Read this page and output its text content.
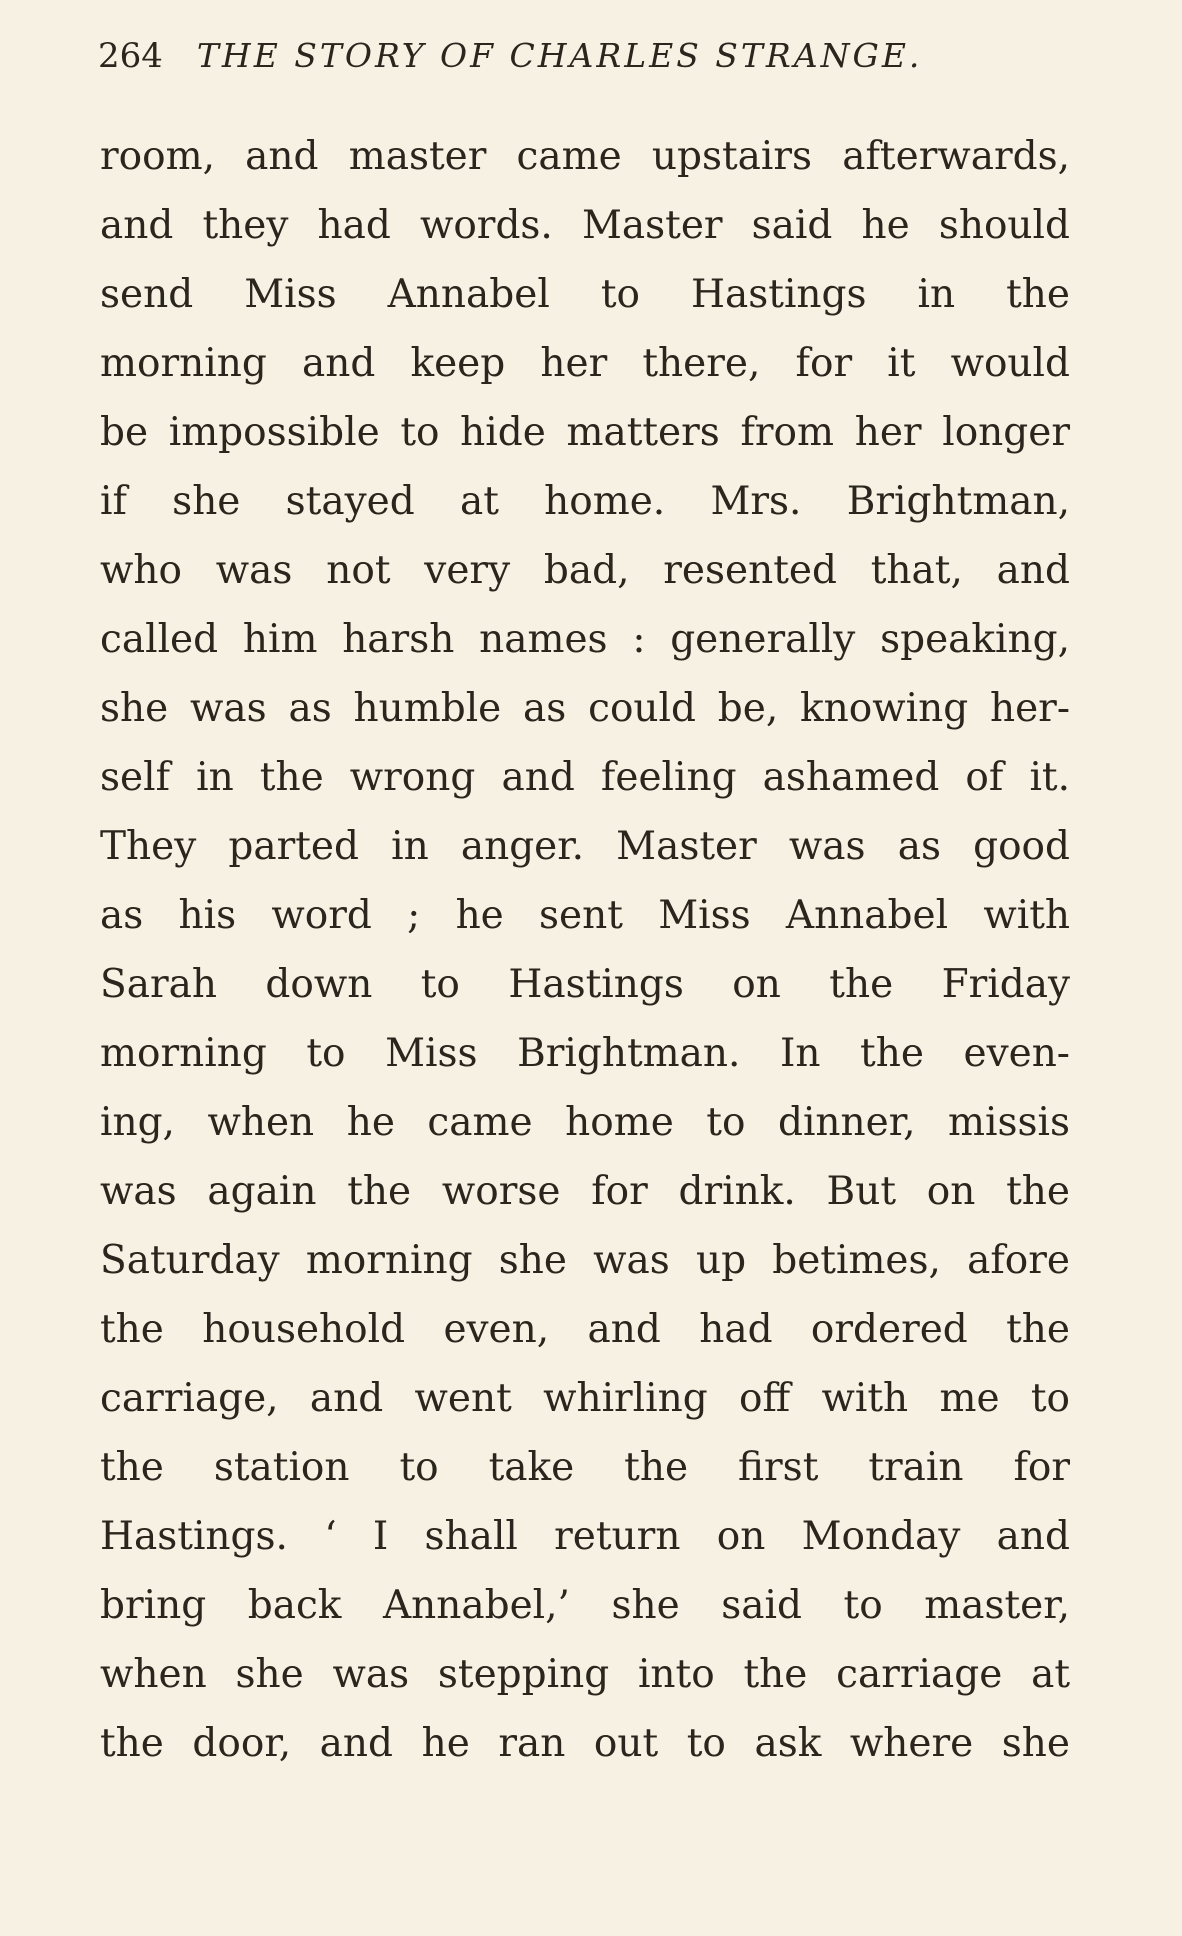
264 THE STORY OF CHARLES STRANGE.
room, and master came upstairs afterwards,
and they had words. Master said he should
send Miss Annabel to Hastings in the
morning and keep her there, for it would
be impossible to hide matters from her longer
if she stayed at home. Mrs. Brightman,
who was not very bad, resented that, and
called him harsh names : generally speaking,
she was as humble as could be, knowing her-
self in the wrong and feeling ashamed of it.
They parted in anger. Master was as good
as his word ; he sent Miss Annabel with
Sarah down to Hastings on the Friday
morning to Miss Brightman. In the even-
ing, when he came home to dinner, missis
was again the worse for drink. But on the
Saturday morning she was up betimes, afore
the household even, and had ordered the
carriage, and went whirling off with me to
the station to take the first train for
Hastings. ‘ I shall return on Monday and
bring back Annabel,’ she said to master,
when she was stepping into the carriage at
the door, and he ran out to ask where she
